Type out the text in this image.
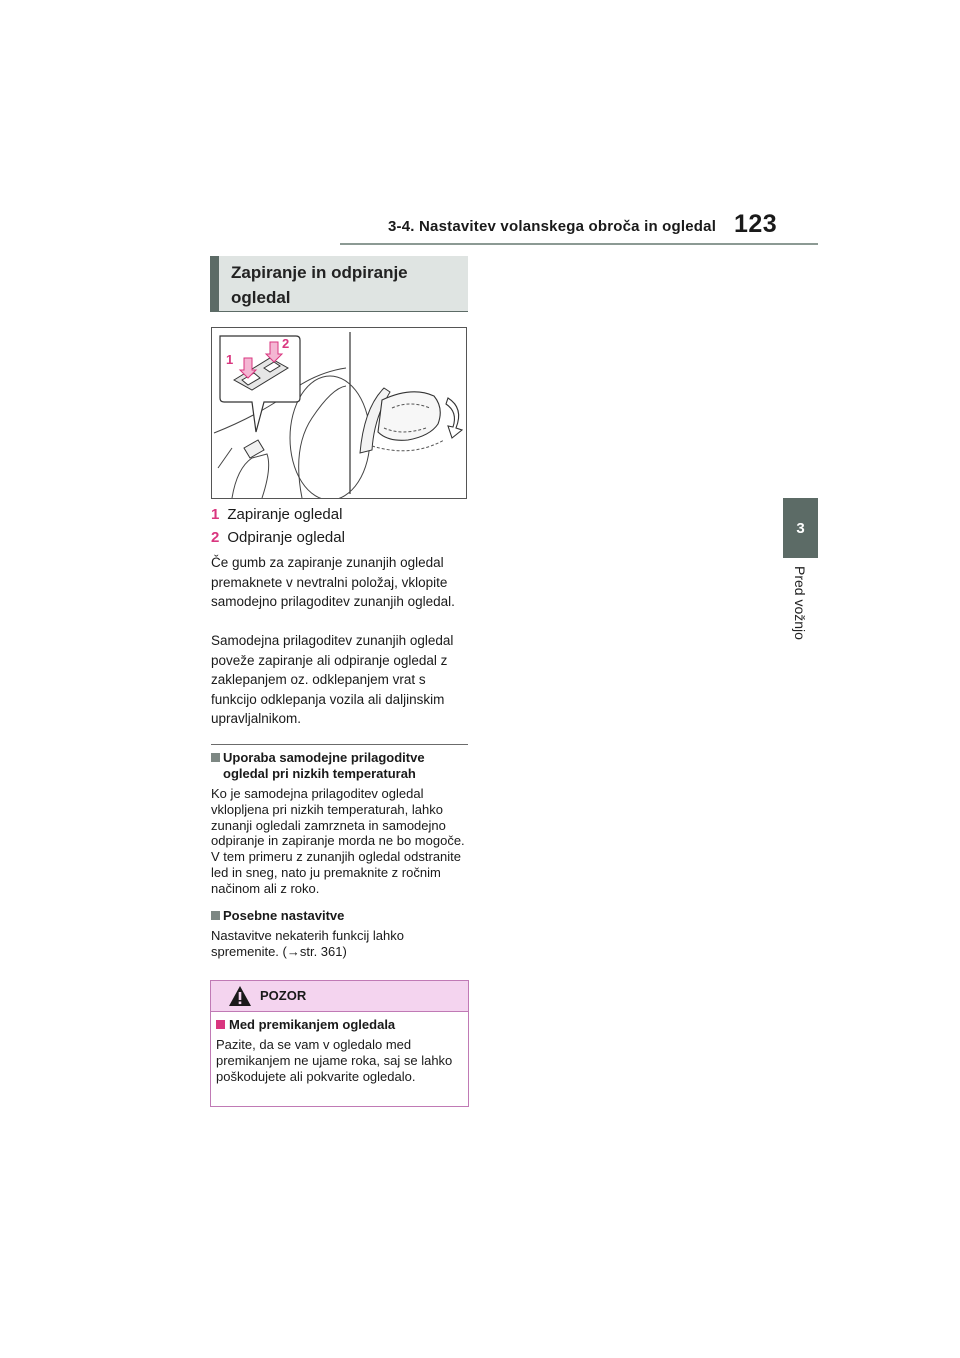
3-4. Nastavitev volanskega obroča in ogledal 123
3
Pred vožnjo
Zapiranje in odpiranje ogledal
1
2
1 Zapiranje ogledal
2 Odpiranje ogledal
Če gumb za zapiranje zunanjih ogledal premaknete v nevtralni položaj, vklopite samodejno prilagoditev zunanjih ogledal.
Samodejna prilagoditev zunanjih ogledal poveže zapiranje ali odpiranje ogledal z zaklepanjem oz. odklepanjem vrat s funkcijo odklepanja vozila ali daljinskim upravljalnikom.
Uporaba samodejne prilagoditve ogledal pri nizkih temperaturah
Ko je samodejna prilagoditev ogledal vklopljena pri nizkih temperaturah, lahko zunanji ogledali zamrzneta in samodejno odpiranje in zapiranje morda ne bo mogoče. V tem primeru z zunanjih ogledal odstranite led in sneg, nato ju premaknite z ročnim načinom ali z roko.
Posebne nastavitve
Nastavitve nekaterih funkcij lahko spremenite. (→str. 361)
POZOR
Med premikanjem ogledala
Pazite, da se vam v ogledalo med premikanjem ne ujame roka, saj se lahko poškodujete ali pokvarite ogledalo.
